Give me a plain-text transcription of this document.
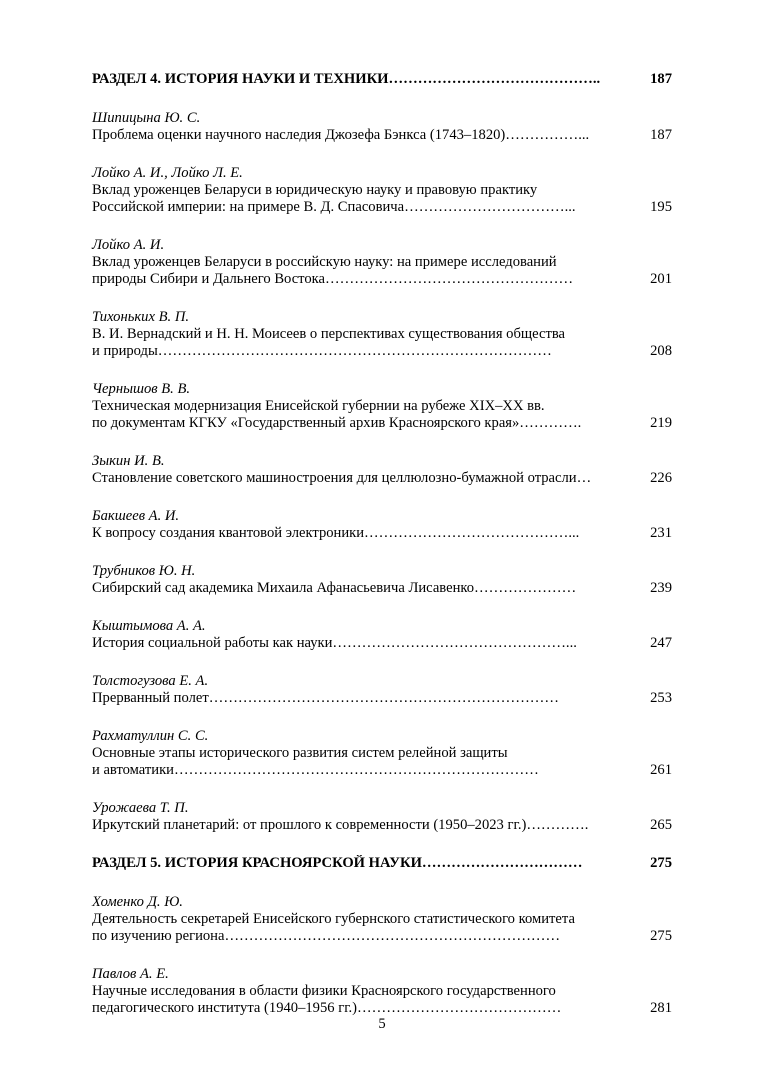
РАЗДЕЛ 4. ИСТОРИЯ НАУКИ И ТЕХНИКИ……………………………………..	187
Шипицына Ю. С.
Проблема оценки научного наследия Джозефа Бэнкса (1743–1820)……………...	187
Лойко А. И., Лойко Л. Е.
Вклад уроженцев Беларуси в юридическую науку и правовую практику
Российской империи: на примере В. Д. Спасовича……………………………...	195
Лойко А. И.
Вклад уроженцев Беларуси в российскую науку: на примере исследований
природы Сибири и Дальнего Востока……………………………………………	201
Тихоньких В. П.
В. И. Вернадский и Н. Н. Моисеев о перспективах существования общества
и природы………………………………………………………………………	208
Чернышов В. В.
Техническая модернизация Енисейской губернии на рубеже XIX–XX вв.
по документам КГКУ «Государственный архив Красноярского края»………….	219
Зыкин И. В.
Становление советского машиностроения для целлюлозно-бумажной отрасли…	226
Бакшеев А. И.
К вопросу создания квантовой электроники……………………………………...	231
Трубников Ю. Н.
Сибирский сад академика Михаила Афанасьевича Лисавенко…………………	239
Кыштымова А. А.
История социальной работы как науки…………………………………………...	247
Толстогузова Е. А.
Прерванный полет………………………………………………………………	253
Рахматуллин С. С.
Основные этапы исторического развития систем релейной защиты
и автоматики…………………………………………………………………	261
Урожаева Т. П.
Иркутский планетарий: от прошлого к современности (1950–2023 гг.)………….	265
РАЗДЕЛ 5. ИСТОРИЯ КРАСНОЯРСКОЙ НАУКИ……………………………	275
Хоменко Д. Ю.
Деятельность секретарей Енисейского губернского статистического комитета
по изучению региона……………………………………………………………	275
Павлов А. Е.
Научные исследования в области физики Красноярского государственного
педагогического института (1940–1956 гг.)……………………………………	281
5
